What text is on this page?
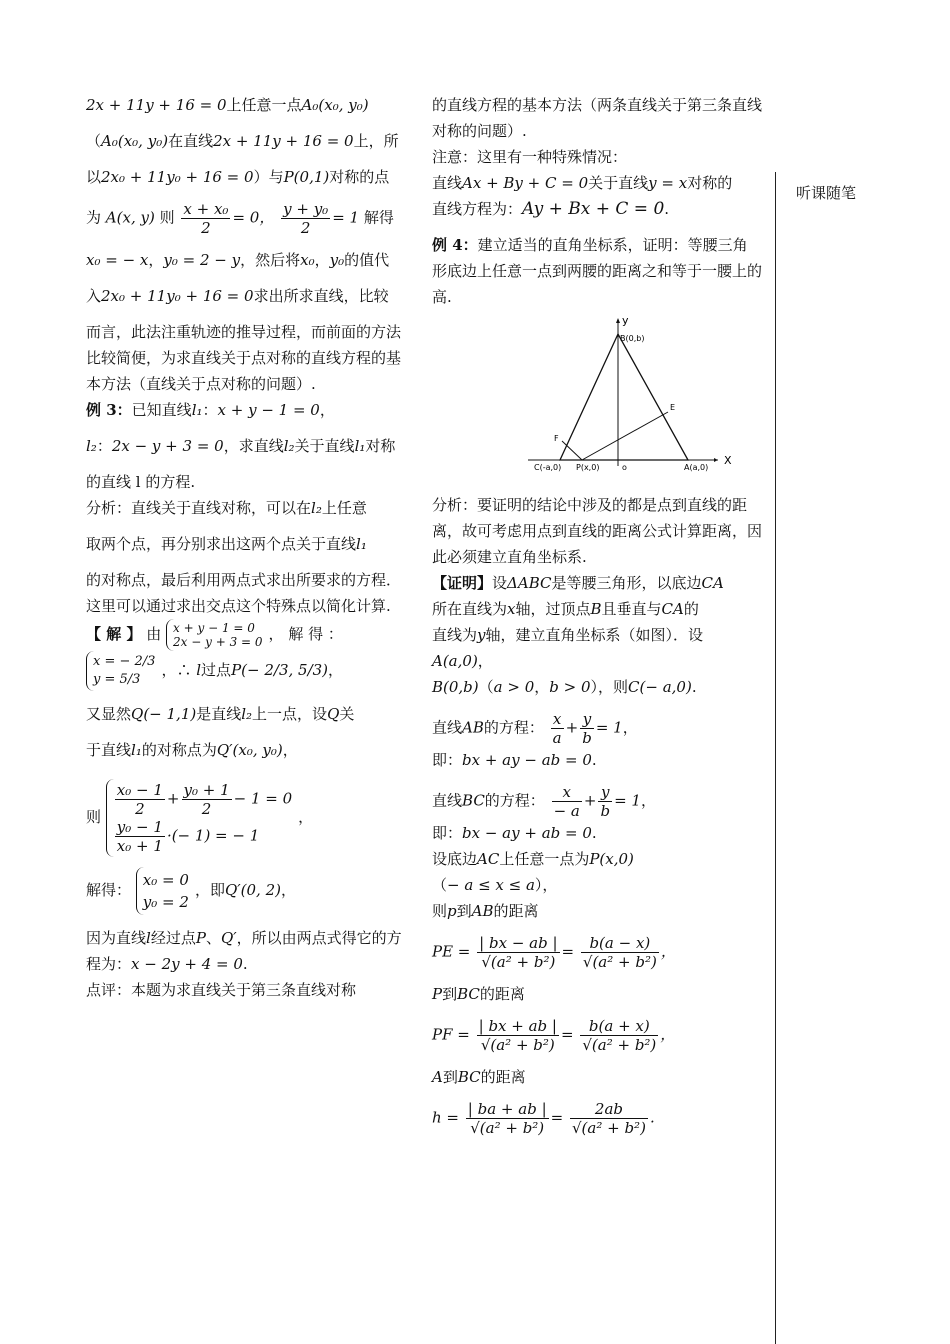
听课随笔

2x + 11y + 16 = 0上任意一点A₀(x₀, y₀)

（A₀(x₀, y₀)在直线2x + 11y + 16 = 0上，所

以2x₀ + 11y₀ + 16 = 0）与P(0,1)对称的点

为 A(x, y) 则 $\frac{\text{x + x₀}}{2} = 0$， $\frac{\text{y + y₀}}{2} = 1$ 解得

x₀ = − x，y₀ = 2 − y，然后将x₀，y₀的值代

入2x₀ + 11y₀ + 16 = 0求出所求直线，比较

而言，此法注重轨迹的推导过程，而前面的方法比较简便，为求直线关于点对称的直线方程的基本方法（直线关于点对称的问题）.

例 3：已知直线l₁：x + y − 1 = 0，

l₂：2x − y + 3 = 0，求直线l₂关于直线l₁对称

的直线 l 的方程.

分析：直线关于直线对称，可以在l₂上任意

取两个点，再分别求出这两个点关于直线l₁

的对称点，最后利用两点式求出所要求的方程．这里可以通过求出交点这个特殊点以简化计算.

【 解 】 由 x + y − 1 = 0
2x − y + 3 = 0 ， 解 得 ：

x = − 2/3
y = 5/3，∴ l过点P(− 2/3, 5/3)，

又显然Q(− 1,1)是直线l₂上一点，设Q关

于直线l₁的对称点为Q′(x₀, y₀)，

则 $\frac{\text{x₀ − 1}}{2} + \frac{\text{y₀ + 1}}{2} - 1 = 0$

$\frac{\text{y₀ − 1}}{\text{x₀ + 1}}$ ·(− 1) = − 1，

解得： x₀ = 0
y₀ = 2，即Q′(0, 2)，

因为直线l经过点P、Q′，所以由两点式得它的方程为：x − 2y + 4 = 0.

点评：本题为求直线关于第三条直线对称

的直线方程的基本方法（两条直线关于第三条直线对称的问题）.

注意：这里有一种特殊情况：

直线Ax + By + C = 0关于直线y = x对称的

直线方程为：Ay + Bx + C = 0.

例 4：建立适当的直角坐标系，证明：等腰三角形底边上任意一点到两腰的距离之和等于一腰上的高.

y
X
B(0,b)
C(-a,0) P(x,0)	o	A(a,0)
E
F

分析：要证明的结论中涉及的都是点到直线的距离，故可考虑用点到直线的距离公式计算距离，因此必须建立直角坐标系.

【证明】设ΔABC是等腰三角形，以底边CA

所在直线为x轴，过顶点B且垂直与CA的

直线为y轴，建立直角坐标系（如图）．设

A(a,0)，

B(0,b)（a > 0，b > 0），则C(− a,0).

直线AB的方程： $\frac{x}{a} + \frac{y}{b} = 1$，

即：bx + ay − ab = 0.

直线BC的方程： $\frac{x}{- a} + \frac{y}{b} = 1$，

即：bx − ay + ab = 0.

设底边AC上任意一点为P(x,0)

（− a ≤ x ≤ a），

则p到AB的距离

PE = $\frac{| bx - ab |}{\text{√(a² + b²)}} = \frac{b(a - x)}{\text{√(a² + b²)}}$ ，

P到BC的距离

PF = $\frac{| bx + ab |}{\text{√(a² + b²)}} = \frac{b(a + x)}{\text{√(a² + b²)}}$ ，

A到BC的距离

$h = \frac{| ba + ab |}{\text{√(a² + b²)}} = \frac{2ab}{\text{√(a² + b²)}}$ .
